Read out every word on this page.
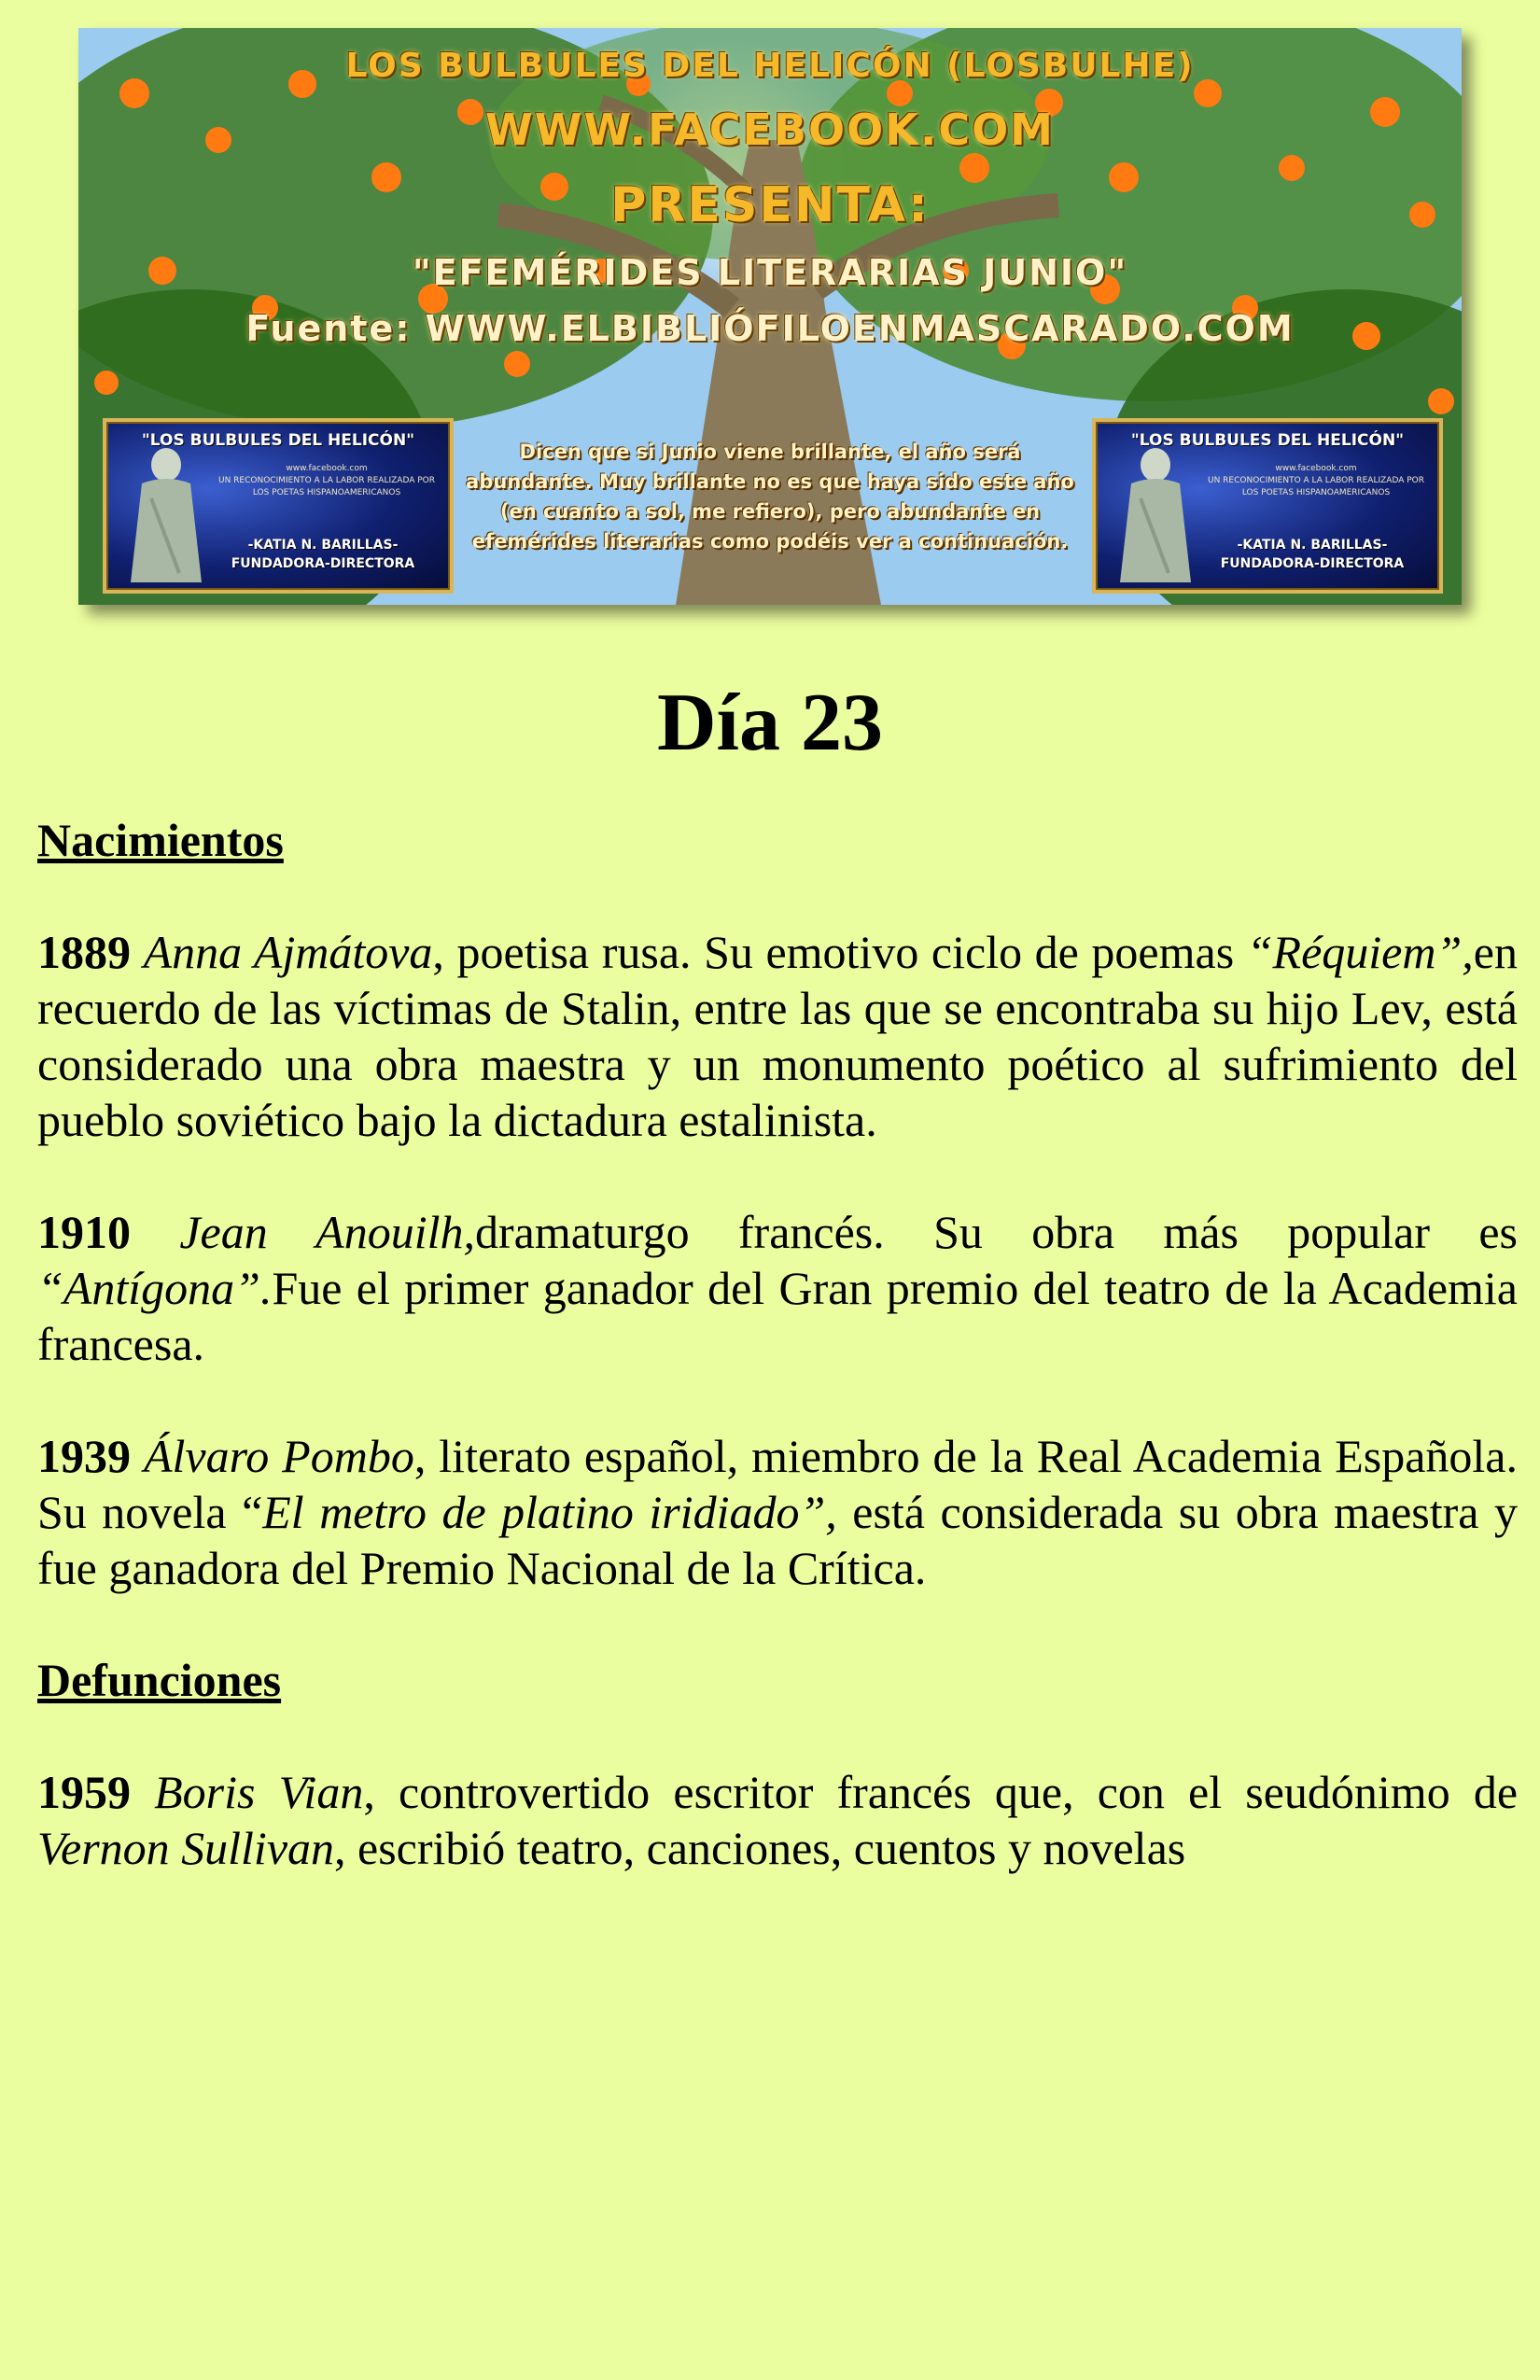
LOS BULBULES DEL HELICÓN (LOSBULHE)
WWW.FACEBOOK.COM
PRESENTA:
"EFEMÉRIDES LITERARIAS JUNIO"
Fuente: WWW.ELBIBLIÓFILOENMASCARADO.COM
"LOS BULBULES DEL HELICÓN"
www.facebook.com
UN RECONOCIMIENTO A LA LABOR REALIZADA POR LOS POETAS HISPANOAMERICANOS
-KATIA N. BARILLAS-
FUNDADORA-DIRECTORA
Dicen que si Junio viene brillante, el año será abundante. Muy brillante no es que haya sido este año (en cuanto a sol, me refiero), pero abundante en efemérides literarias como podéis ver a continuación.
"LOS BULBULES DEL HELICÓN"
www.facebook.com
UN RECONOCIMIENTO A LA LABOR REALIZADA POR LOS POETAS HISPANOAMERICANOS
-KATIA N. BARILLAS-
FUNDADORA-DIRECTORA
Día 23

Nacimientos

1889 Anna Ajmátova, poetisa rusa. Su emotivo ciclo de poemas “Réquiem”,en recuerdo de las víctimas de Stalin, entre las que se encontraba su hijo Lev, está considerado una obra maestra y un monumento poético al sufrimiento del pueblo soviético bajo la dictadura estalinista.

1910 Jean Anouilh,dramaturgo francés. Su obra más popular es “Antígona”.Fue el primer ganador del Gran premio del teatro de la Academia francesa.

1939 Álvaro Pombo, literato español, miembro de la Real Academia Española. Su novela “El metro de platino iridiado”, está considerada su obra maestra y fue ganadora del Premio Nacional de la Crítica.

Defunciones

1959 Boris Vian, controvertido escritor francés que, con el seudónimo de Vernon Sullivan, escribió teatro, canciones, cuentos y novelas
